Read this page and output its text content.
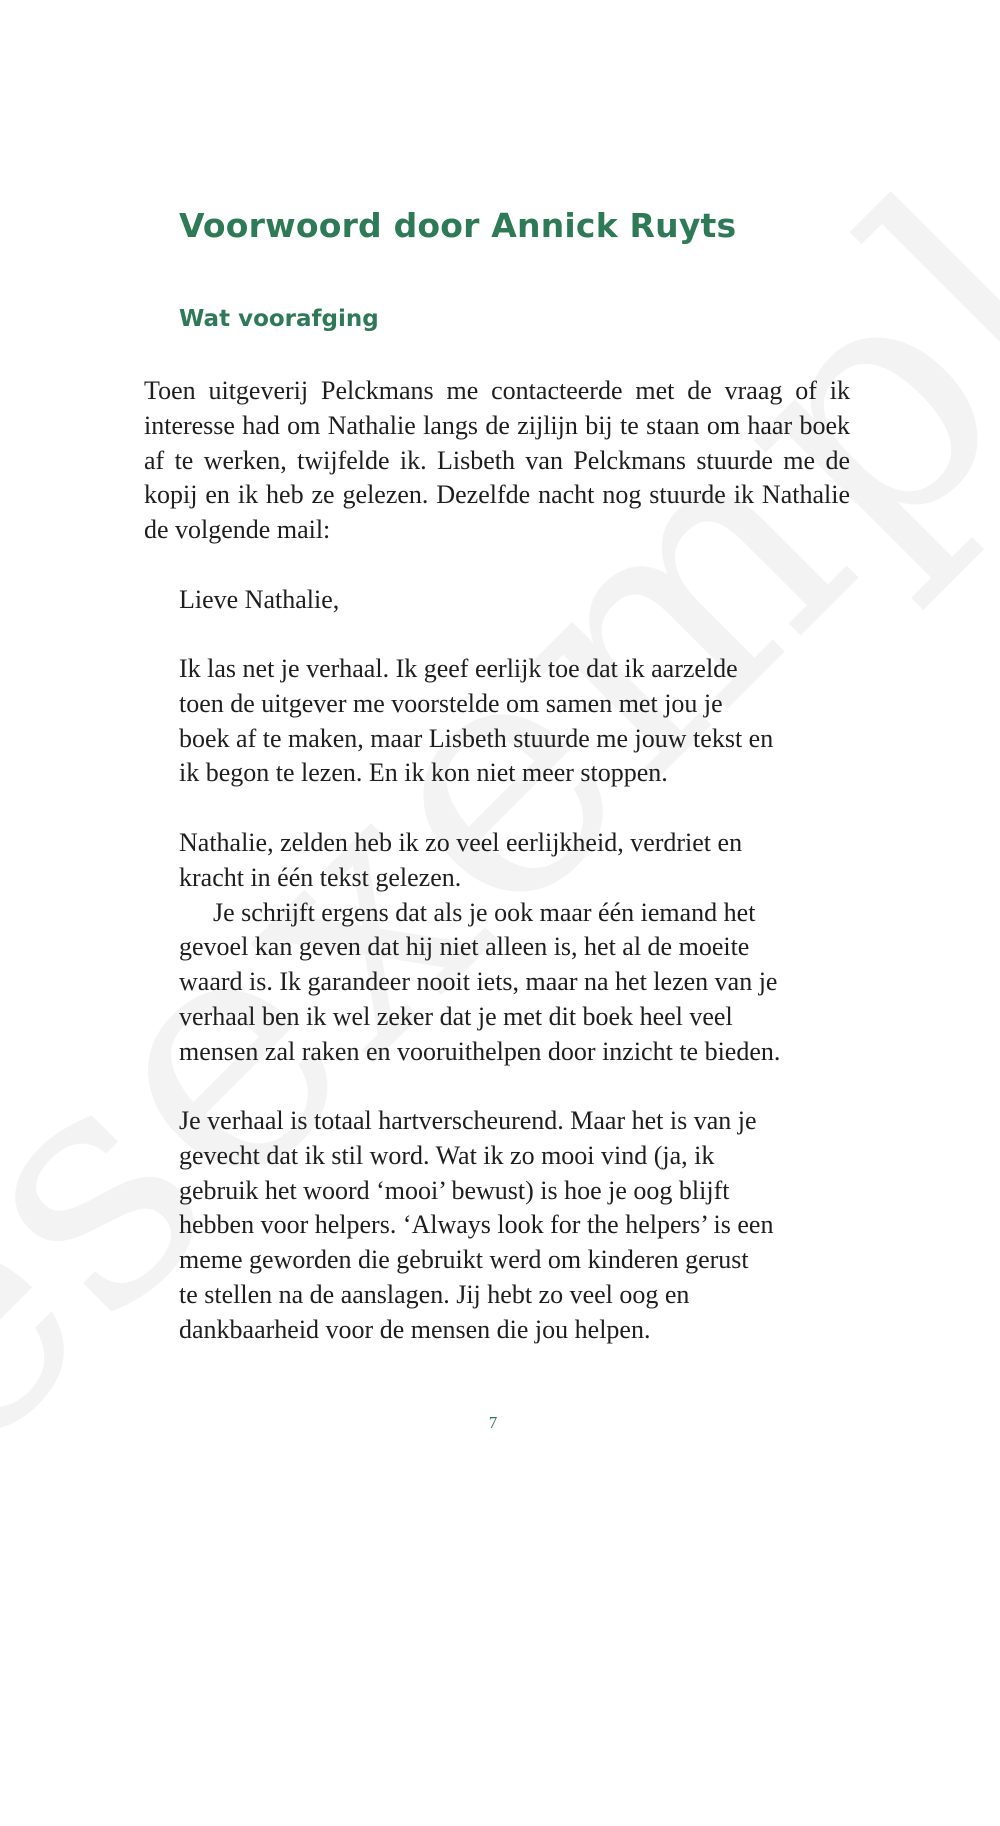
Voorwoord door Annick Ruyts
Wat voorafging

Toen uitgeverij Pelckmans me contacteerde met de vraag of ik interesse had om Nathalie langs de zijlijn bij te staan om haar boek af te werken, twijfelde ik. Lisbeth van Pelckmans stuurde me de kopij en ik heb ze gelezen. Dezelfde nacht nog stuurde ik Nathalie de volgende mail:

Lieve Nathalie,

Ik las net je verhaal. Ik geef eerlijk toe dat ik aarzelde
toen de uitgever me voorstelde om samen met jou je
boek af te maken, maar Lisbeth stuurde me jouw tekst en
ik begon te lezen. En ik kon niet meer stoppen.
Nathalie, zelden heb ik zo veel eerlijkheid, verdriet en
kracht in één tekst gelezen.
Je schrijft ergens dat als je ook maar één iemand het
gevoel kan geven dat hij niet alleen is, het al de moeite
waard is. Ik garandeer nooit iets, maar na het lezen van je
verhaal ben ik wel zeker dat je met dit boek heel veel
mensen zal raken en vooruithelpen door inzicht te bieden.
Je verhaal is totaal hartverscheurend. Maar het is van je
gevecht dat ik stil word. Wat ik zo mooi vind (ja, ik
gebruik het woord ‘mooi’ bewust) is hoe je oog blijft
hebben voor helpers. ‘Always look for the helpers’ is een
meme geworden die gebruikt werd om kinderen gerust
te stellen na de aanslagen. Jij hebt zo veel oog en
dankbaarheid voor de mensen die jou helpen.
7
